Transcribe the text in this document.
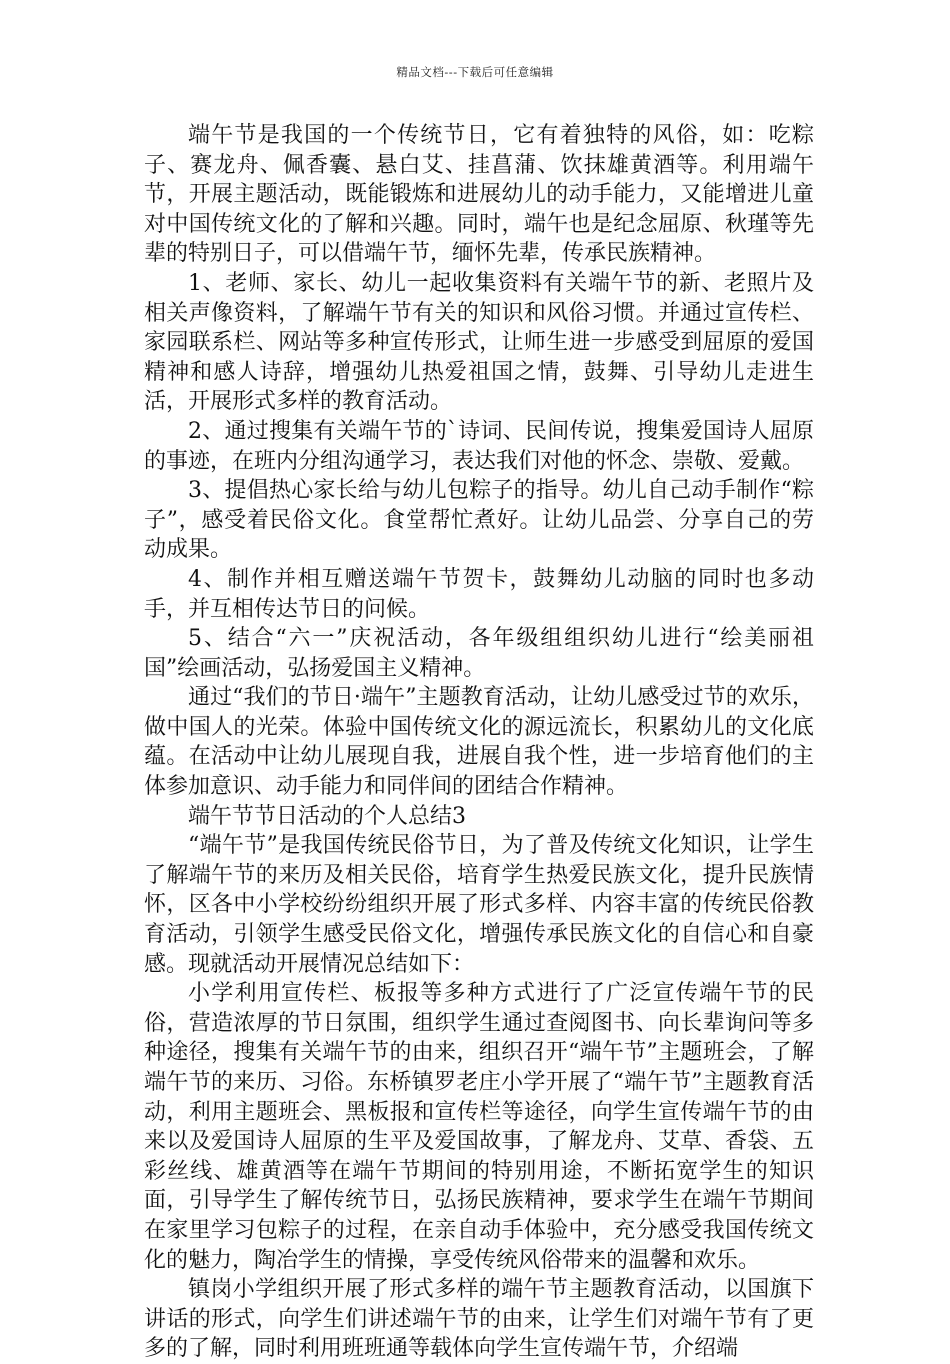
精品文档---下载后可任意编辑

端午节是我国的一个传统节日，它有着独特的风俗，如：吃粽子、赛龙舟、佩香囊、悬白艾、挂菖蒲、饮抹雄黄酒等。利用端午节，开展主题活动，既能锻炼和进展幼儿的动手能力，又能增进儿童对中国传统文化的了解和兴趣。同时，端午也是纪念屈原、秋瑾等先辈的特别日子，可以借端午节，缅怀先辈，传承民族精神。

1、老师、家长、幼儿一起收集资料有关端午节的新、老照片及相关声像资料，了解端午节有关的知识和风俗习惯。并通过宣传栏、家园联系栏、网站等多种宣传形式，让师生进一步感受到屈原的爱国精神和感人诗辞，增强幼儿热爱祖国之情，鼓舞、引导幼儿走进生活，开展形式多样的教育活动。

2、通过搜集有关端午节的`诗词、民间传说，搜集爱国诗人屈原的事迹，在班内分组沟通学习，表达我们对他的怀念、崇敬、爱戴。

3、提倡热心家长给与幼儿包粽子的指导。幼儿自己动手制作“粽子”，感受着民俗文化。食堂帮忙煮好。让幼儿品尝、分享自己的劳动成果。

4、制作并相互赠送端午节贺卡，鼓舞幼儿动脑的同时也多动手，并互相传达节日的问候。

5、结合“六一”庆祝活动，各年级组组织幼儿进行“绘美丽祖国”绘画活动，弘扬爱国主义精神。

通过“我们的节日·端午”主题教育活动，让幼儿感受过节的欢乐，做中国人的光荣。体验中国传统文化的源远流长，积累幼儿的文化底蕴。在活动中让幼儿展现自我，进展自我个性，进一步培育他们的主体参加意识、动手能力和同伴间的团结合作精神。

端午节节日活动的个人总结3

“端午节”是我国传统民俗节日，为了普及传统文化知识，让学生了解端午节的来历及相关民俗，培育学生热爱民族文化，提升民族情怀，区各中小学校纷纷组织开展了形式多样、内容丰富的传统民俗教育活动，引领学生感受民俗文化，增强传承民族文化的自信心和自豪感。现就活动开展情况总结如下：

小学利用宣传栏、板报等多种方式进行了广泛宣传端午节的民俗，营造浓厚的节日氛围，组织学生通过查阅图书、向长辈询问等多种途径，搜集有关端午节的由来，组织召开“端午节”主题班会，了解端午节的来历、习俗。东桥镇罗老庄小学开展了“端午节”主题教育活动，利用主题班会、黑板报和宣传栏等途径，向学生宣传端午节的由来以及爱国诗人屈原的生平及爱国故事，了解龙舟、艾草、香袋、五彩丝线、雄黄酒等在端午节期间的特别用途，不断拓宽学生的知识面，引导学生了解传统节日，弘扬民族精神，要求学生在端午节期间在家里学习包粽子的过程，在亲自动手体验中，充分感受我国传统文化的魅力，陶冶学生的情操，享受传统风俗带来的温馨和欢乐。

镇岗小学组织开展了形式多样的端午节主题教育活动，以国旗下讲话的形式，向学生们讲述端午节的由来，让学生们对端午节有了更多的了解，同时利用班班通等载体向学生宣传端午节，介绍端
